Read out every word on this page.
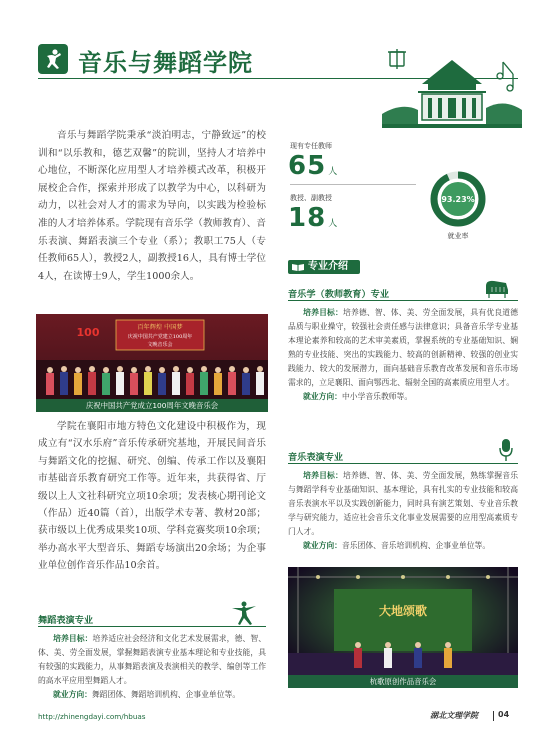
音乐与舞蹈学院

音乐与舞蹈学院秉承“淡泊明志，宁静致远”的校训和“以乐教和，德艺双馨”的院训，坚持人才培养中心地位，不断深化应用型人才培养模式改革，积极开展校企合作，探索并形成了以教学为中心，以科研为动力，以社会对人才的需求为导向，以实践为检验标准的人才培养体系。学院现有音乐学（教师教育）、音乐表演、舞蹈表演三个专业（系）；教职工75人（专任教师65人），教授2人，副教授16人，具有博士学位4人，在读博士9人，学生1000余人。

百年辉煌 中国梦
庆祝中国共产党建立100周年
文晚音乐会
100
庆祝中国共产党成立100周年文晚音乐会

学院在襄阳市地方特色文化建设中积极作为，现成立有“汉水乐府”音乐传承研究基地，开展民间音乐与舞蹈文化的挖掘、研究、创编、传承工作以及襄阳市基础音乐教育研究工作等。近年来，共获得省、厅级以上人文社科研究立项10余项；发表核心期刊论文（作品）近40篇（首），出版学术专著、教材20部；获市级以上优秀成果奖10项、学科竞赛奖项10余项；举办高水平大型音乐、舞蹈专场演出20余场；为企事业单位创作音乐作品10余首。

现有专任教师
65 人
教授、副教授
18 人
93.23%
就业率
专业介绍
音乐学（教师教育）专业
培养目标：培养德、智、体、美、劳全面发展，具有优良道德品质与职业操守，较强社会责任感与法律意识；具备音乐学专业基本理论素养和较高的艺术审美素质，掌握系统的专业基础知识、娴熟的专业技能、突出的实践能力、较高的创新精神、较强的创业实践能力、较大的发展潜力，面向基础音乐教育改革发展和音乐市场需求的，立足襄阳、面向鄂西北、辐射全国的高素质应用型人才。
就业方向：中小学音乐教师等。
音乐表演专业
培养目标：培养德、智、体、美、劳全面发展，熟练掌握音乐与舞蹈学科专业基础知识、基本理论，具有扎实的专业技能和较高音乐表演水平以及实践创新能力，同时具有演艺策划、专业音乐教学与研究能力，适应社会音乐文化事业发展需要的应用型高素质专门人才。
就业方向：音乐团体、音乐培训机构、企事业单位等。
大地颂歌
杭歌原创作品音乐会
舞蹈表演专业
培养目标：培养适应社会经济和文化艺术发展需求，德、智、体、美、劳全面发展，掌握舞蹈表演专业基本理论和专业技能，具有较强的实践能力，从事舞蹈表演及表演相关的教学、编创等工作的高水平应用型舞蹈人才。
就业方向：舞蹈团体、舞蹈培训机构、企事业单位等。
http://zhinengdayi.com/hbuas	湖北文理学院	04
